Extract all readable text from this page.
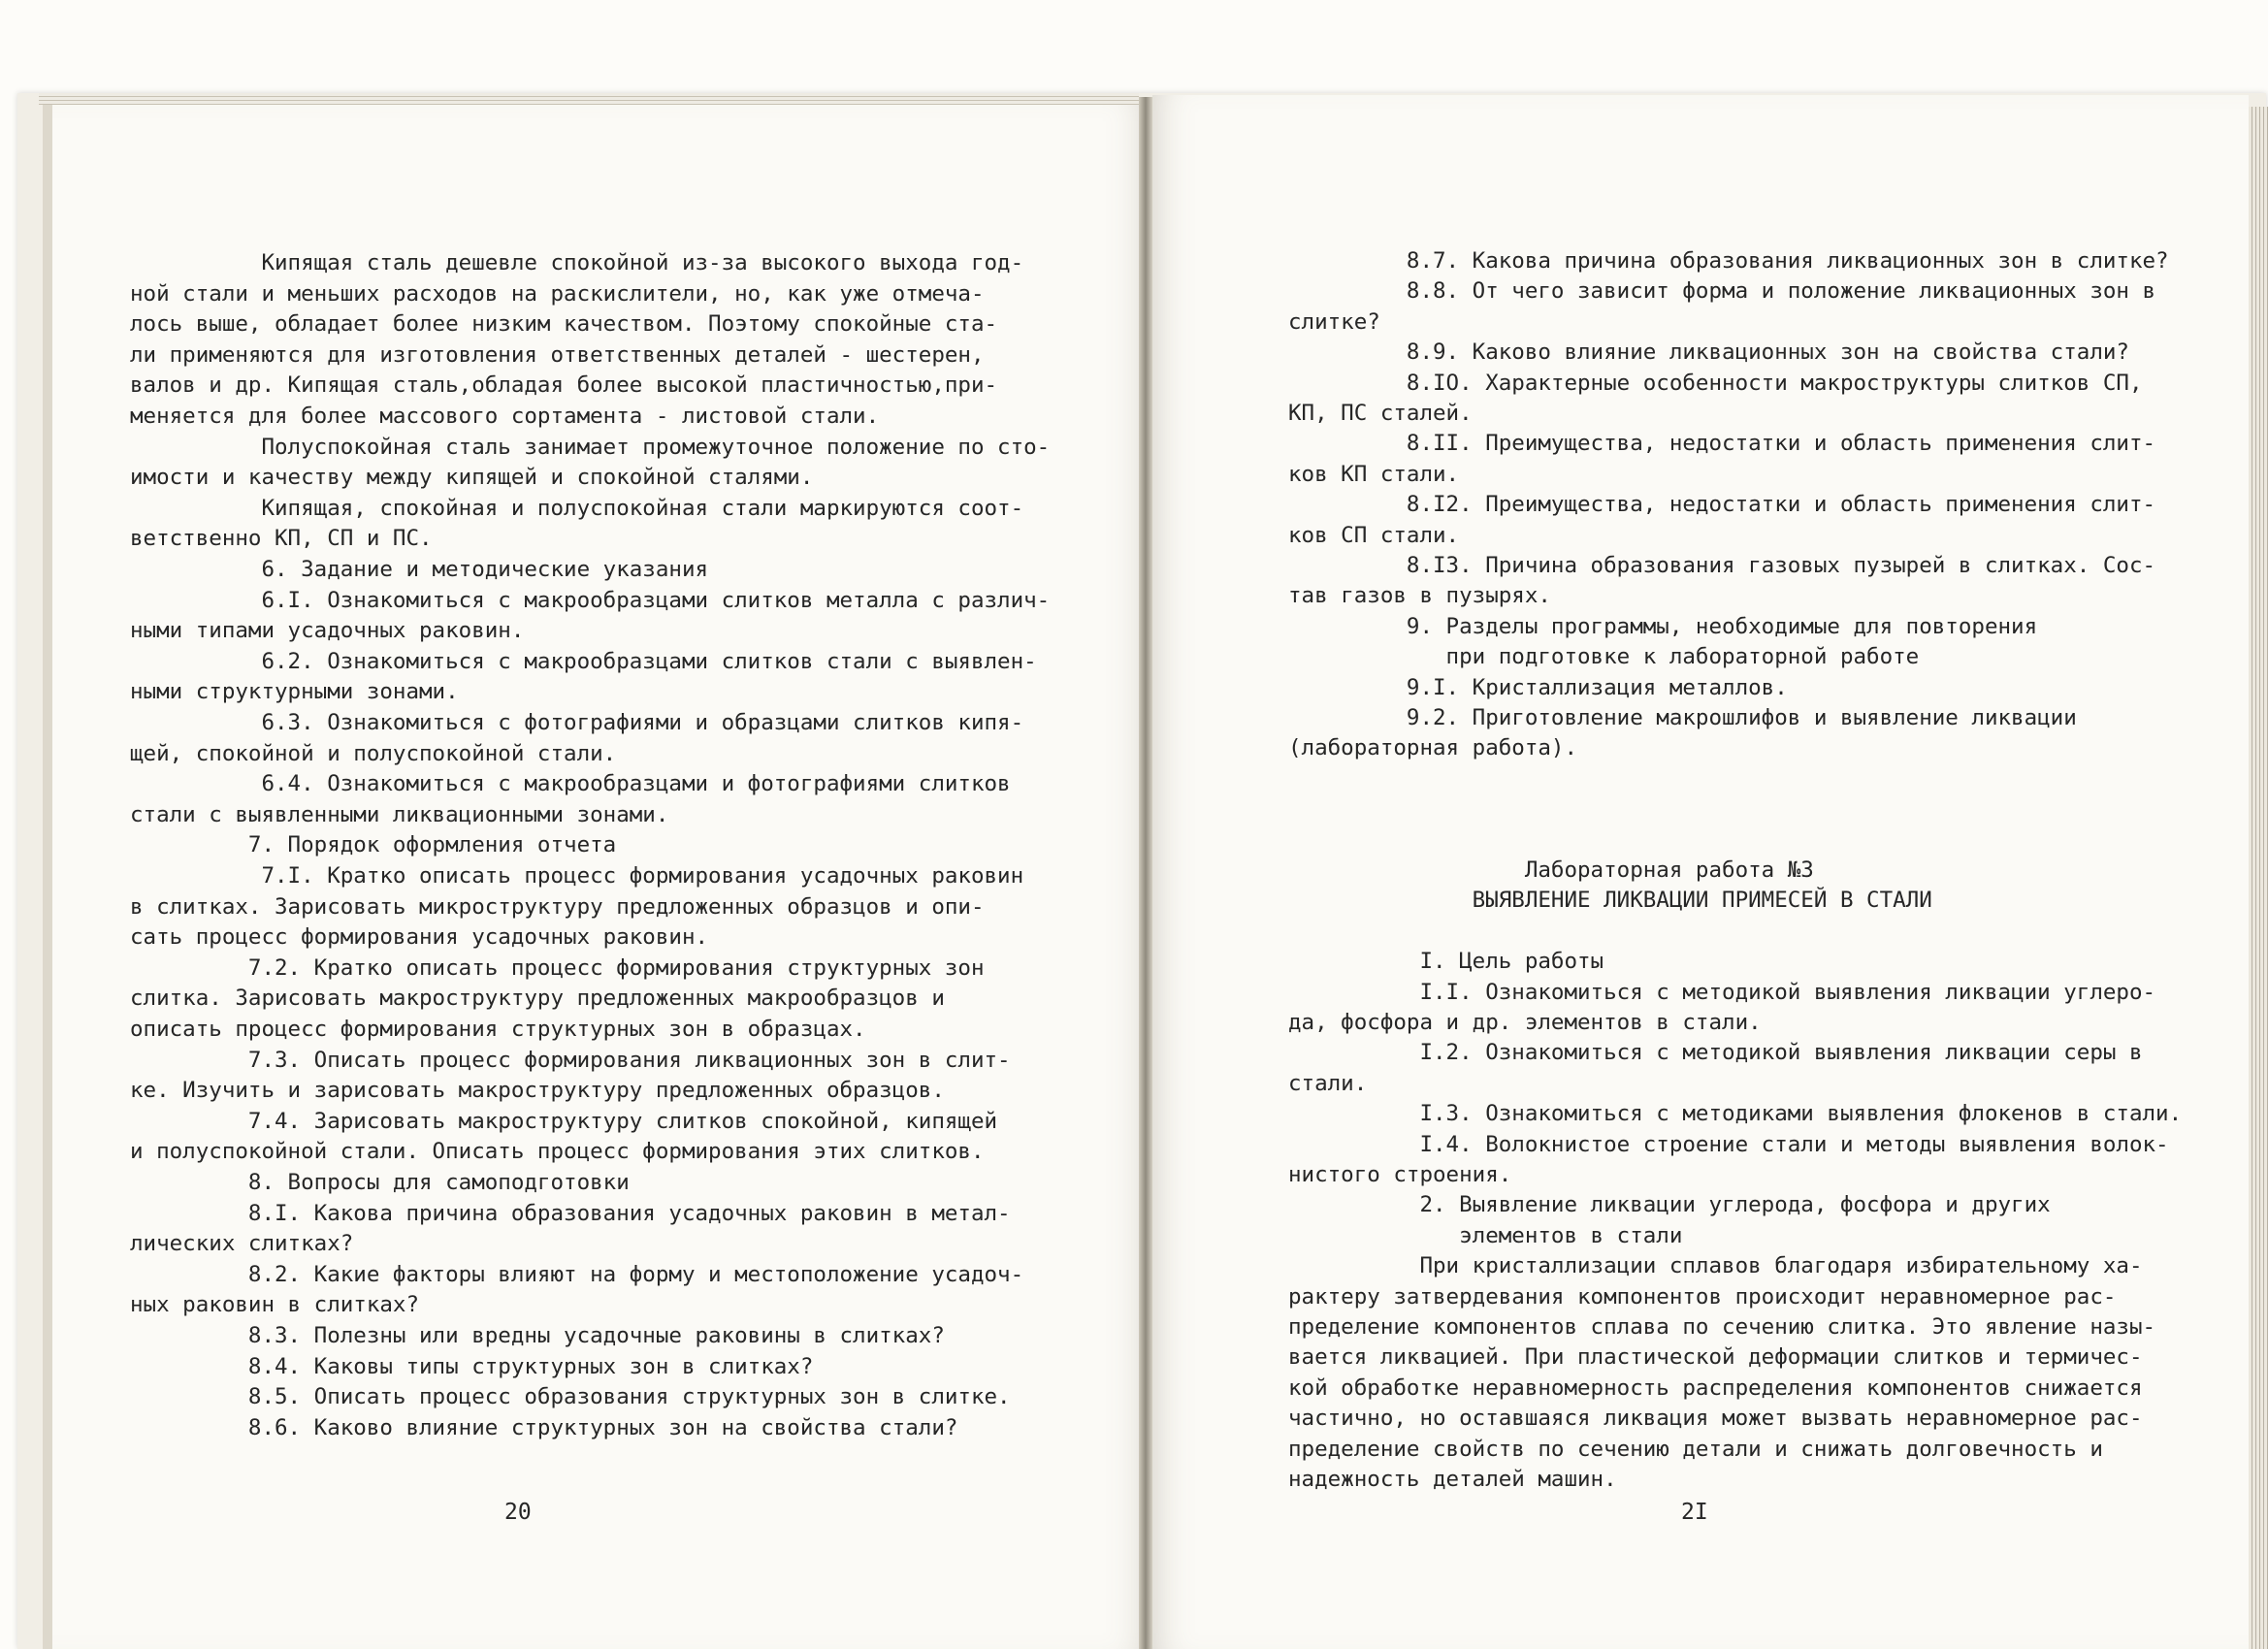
Кипящая сталь дешевле спокойной из-за высокого выхода год-
ной стали и меньших расходов на раскислители, но, как уже отмеча-
лось выше, обладает более низким качеством. Поэтому спокойные ста-
ли применяются для изготовления ответственных деталей - шестерен,
валов и др. Кипящая сталь,обладая более высокой пластичностью,при-
меняется для более массового сортамента - листовой стали.
Полуспокойная сталь занимает промежуточное положение по сто-
имости и качеству между кипящей и спокойной сталями.
Кипящая, спокойная и полуспокойная стали маркируются соот-
ветственно КП, СП и ПС.
6. Задание и методические указания
6.I. Ознакомиться с макрообразцами слитков металла с различ-
ными типами усадочных раковин.
6.2. Ознакомиться с макрообразцами слитков стали с выявлен-
ными структурными зонами.
6.3. Ознакомиться с фотографиями и образцами слитков кипя-
щей, спокойной и полуспокойной стали.
6.4. Ознакомиться с макрообразцами и фотографиями слитков
стали с выявленными ликвационными зонами.
7. Порядок оформления отчета
7.I. Кратко описать процесс формирования усадочных раковин
в слитках. Зарисовать микроструктуру предложенных образцов и опи-
сать процесс формирования усадочных раковин.
7.2. Кратко описать процесс формирования структурных зон
слитка. Зарисовать макроструктуру предложенных макрообразцов и
описать процесс формирования структурных зон в образцах.
7.3. Описать процесс формирования ликвационных зон в слит-
ке. Изучить и зарисовать макроструктуру предложенных образцов.
7.4. Зарисовать макроструктуру слитков спокойной, кипящей
и полуспокойной стали. Описать процесс формирования этих слитков.
8. Вопросы для самоподготовки
8.I. Какова причина образования усадочных раковин в метал-
лических слитках?
8.2. Какие факторы влияют на форму и местоположение усадоч-
ных раковин в слитках?
8.3. Полезны или вредны усадочные раковины в слитках?
8.4. Каковы типы структурных зон в слитках?
8.5. Описать процесс образования структурных зон в слитке.
8.6. Каково влияние структурных зон на свойства стали?
20
8.7. Какова причина образования ликвационных зон в слитке?
8.8. От чего зависит форма и положение ликвационных зон в
слитке?
8.9. Каково влияние ликвационных зон на свойства стали?
8.IO. Характерные особенности макроструктуры слитков СП,
КП, ПС сталей.
8.II. Преимущества, недостатки и область применения слит-
ков КП стали.
8.I2. Преимущества, недостатки и область применения слит-
ков СП стали.
8.I3. Причина образования газовых пузырей в слитках. Сос-
тав газов в пузырях.
9. Разделы программы, необходимые для повторения
при подготовке к лабораторной работе
9.I. Кристаллизация металлов.
9.2. Приготовление макрошлифов и выявление ликвации
(лабораторная работа).
Лабораторная работа №3
ВЫЯВЛЕНИЕ ЛИКВАЦИИ ПРИМЕСЕЙ В СТАЛИ
I. Цель работы
I.I. Ознакомиться с методикой выявления ликвации углеро-
да, фосфора и др. элементов в стали.
I.2. Ознакомиться с методикой выявления ликвации серы в
стали.
I.3. Ознакомиться с методиками выявления флокенов в стали.
I.4. Волокнистое строение стали и методы выявления волок-
нистого строения.
2. Выявление ликвации углерода, фосфора и других
элементов в стали
При кристаллизации сплавов благодаря избирательному ха-
рактеру затвердевания компонентов происходит неравномерное рас-
пределение компонентов сплава по сечению слитка. Это явление назы-
вается ликвацией. При пластической деформации слитков и термичес-
кой обработке неравномерность распределения компонентов снижается
частично, но оставшаяся ликвация может вызвать неравномерное рас-
пределение свойств по сечению детали и снижать долговечность и
надежность деталей машин.
2I
